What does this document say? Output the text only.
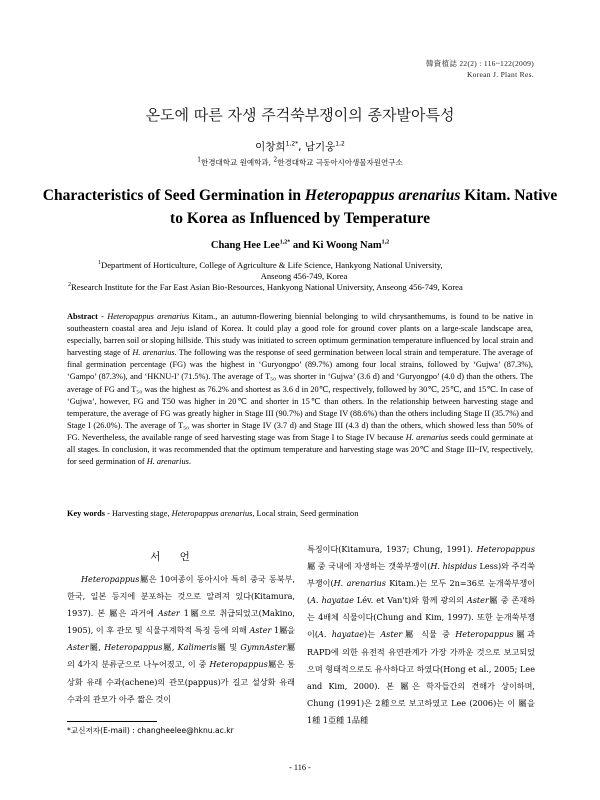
韓資植誌 22(2) : 116~122(2009)
Korean J. Plant Res.
온도에 따른 자생 주걱쑥부쟁이의 종자발아특성
이창희$^{1,2*}$, 남기웅$^{1,2}$
$^1$한경대학교 원예학과, $^2$한경대학교 극동아시아생물자원연구소
Characteristics of Seed Germination in Heteropappus arenarius Kitam. Native to Korea as Influenced by Temperature
Chang Hee Lee$^{1,2*}$ and Ki Woong Nam$^{1,2}$

$^1$Department of Horticulture, College of Agriculture & Life Science, Hankyong National University,

Anseong 456-749, Korea

$^2$Research Institute for the Far East Asian Bio-Resources, Hankyong National University, Anseong 456-749, Korea

Abstract - Heteropappus arenarius Kitam., an autumn-flowering biennial belonging to wild chrysanthemums, is found to be native in southeastern coastal area and Jeju island of Korea. It could play a good role for ground cover plants on a large-scale landscape area, especially, barren soil or sloping hillside. This study was initiated to screen optimum germination temperature influenced by local strain and harvesting stage of H. arenarius. The following was the response of seed germination between local strain and temperature. The average of final germination percentage (FG) was the highest in ‘Guryongpo’ (89.7%) among four local strains, followed by ‘Gujwa’ (87.3%), ‘Gampo’ (87.3%), and ‘HKNU-I’ (71.5%). The average of T₅₀ was shorter in ‘Gujwa’ (3.6 d) and ‘Guryongpo’ (4.0 d) than the others. The average of FG and T₅₀ was the highest as 76.2% and shortest as 3.6 d in 20℃, respectively, followed by 30℃, 25℃, and 15℃. In case of ‘Gujwa’, however, FG and T50 was higher in 20℃ and shorter in 15℃ than others. In the relationship between harvesting stage and temperature, the average of FG was greatly higher in Stage III (90.7%) and Stage IV (88.6%) than the others including Stage II (35.7%) and Stage I (26.0%). The average of T₅₀ was shorter in Stage IV (3.7 d) and Stage III (4.3 d) than the others, which showed less than 50% of FG. Nevertheless, the available range of seed harvesting stage was from Stage I to Stage IV because H. arenarius seeds could germinate at all stages. In conclusion, it was recommended that the optimum temperature and harvesting stage was 20℃ and Stage III~IV, respectively, for seed germination of H. arenarius.
Key words - Harvesting stage, Heteropappus arenarius, Local strain, Seed germination
서 언

Heteropappus屬은 10여종이 동아시아 특히 중국 동북부, 한국, 일본 등지에 분포하는 것으로 알려져 있다(Kitamura, 1937). 본 屬은 과거에 Aster 1屬으로 취급되었고(Makino, 1905), 이 후 관모 및 식물구계학적 특징 등에 의해 Aster 1屬을 Aster屬, Heteropappus屬, Kalimeris屬 및 GymnAster屬의 4가지 분류군으로 나누어졌고, 이 중 Heteropappus屬은 통상화 유래 수과(achene)의 관모(pappus)가 길고 설상화 유래 수과의 관모가 아주 짧은 것이

특징이다(Kitamura, 1937; Chung, 1991). Heteropappus屬 중 국내에 자생하는 갯쑥부쟁이(H. hispidus Less)와 주걱쑥부쟁이(H. arenarius Kitam.)는 모두 2n=36로 눈개쑥부쟁이(A. hayatae Lév. et Van't)와 함께 광의의 Aster屬 중 존재하는 4배체 식물이다(Chung and Kim, 1997). 또한 눈개쑥부쟁이(A. hayatae)는 Aster屬 식물 중 Heteropappus屬과 RAPD에 의한 유전적 유연관계가 가장 가까운 것으로 보고되었으며 형태적으로도 유사하다고 하였다(Hong et al., 2005; Lee and Kim, 2000). 본 屬은 학자들간의 견해가 상이하며, Chung (1991)은 2種으로 보고하였고 Lee (2006)는 이 屬을 1種 1亞種 1品種

*교신저자(E-mail) : changheelee@hknu.ac.kr
- 116 -
